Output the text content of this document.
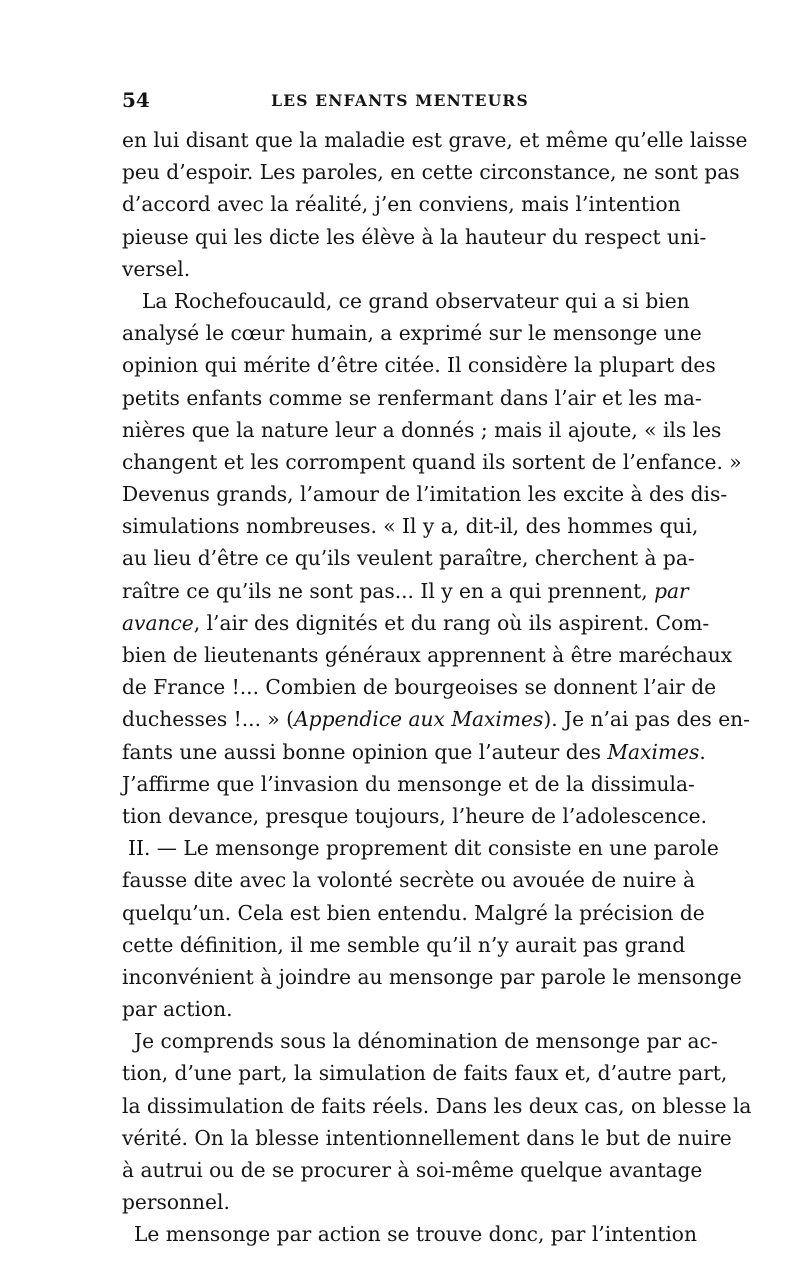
54	LES ENFANTS MENTEURS
en lui disant que la maladie est grave, et même qu’elle laisse
peu d’espoir. Les paroles, en cette circonstance, ne sont pas
d’accord avec la réalité, j’en conviens, mais l’intention
pieuse qui les dicte les élève à la hauteur du respect uni-
versel.
La Rochefoucauld, ce grand observateur qui a si bien
analysé le cœur humain, a exprimé sur le mensonge une
opinion qui mérite d’être citée. Il considère la plupart des
petits enfants comme se renfermant dans l’air et les ma-
nières que la nature leur a donnés ; mais il ajoute, « ils les
changent et les corrompent quand ils sortent de l’enfance. »
Devenus grands, l’amour de l’imitation les excite à des dis-
simulations nombreuses. « Il y a, dit-il, des hommes qui,
au lieu d’être ce qu’ils veulent paraître, cherchent à pa-
raître ce qu’ils ne sont pas... Il y en a qui prennent, par
avance, l’air des dignités et du rang où ils aspirent. Com-
bien de lieutenants généraux apprennent à être maréchaux
de France !... Combien de bourgeoises se donnent l’air de
duchesses !... » (Appendice aux Maximes). Je n’ai pas des en-
fants une aussi bonne opinion que l’auteur des Maximes.
J’affirme que l’invasion du mensonge et de la dissimula-
tion devance, presque toujours, l’heure de l’adolescence.
II. — Le mensonge proprement dit consiste en une parole
fausse dite avec la volonté secrète ou avouée de nuire à
quelqu’un. Cela est bien entendu. Malgré la précision de
cette définition, il me semble qu’il n’y aurait pas grand
inconvénient à joindre au mensonge par parole le mensonge
par action.
Je comprends sous la dénomination de mensonge par ac-
tion, d’une part, la simulation de faits faux et, d’autre part,
la dissimulation de faits réels. Dans les deux cas, on blesse la
vérité. On la blesse intentionnellement dans le but de nuire
à autrui ou de se procurer à soi-même quelque avantage
personnel.
Le mensonge par action se trouve donc, par l’intention
